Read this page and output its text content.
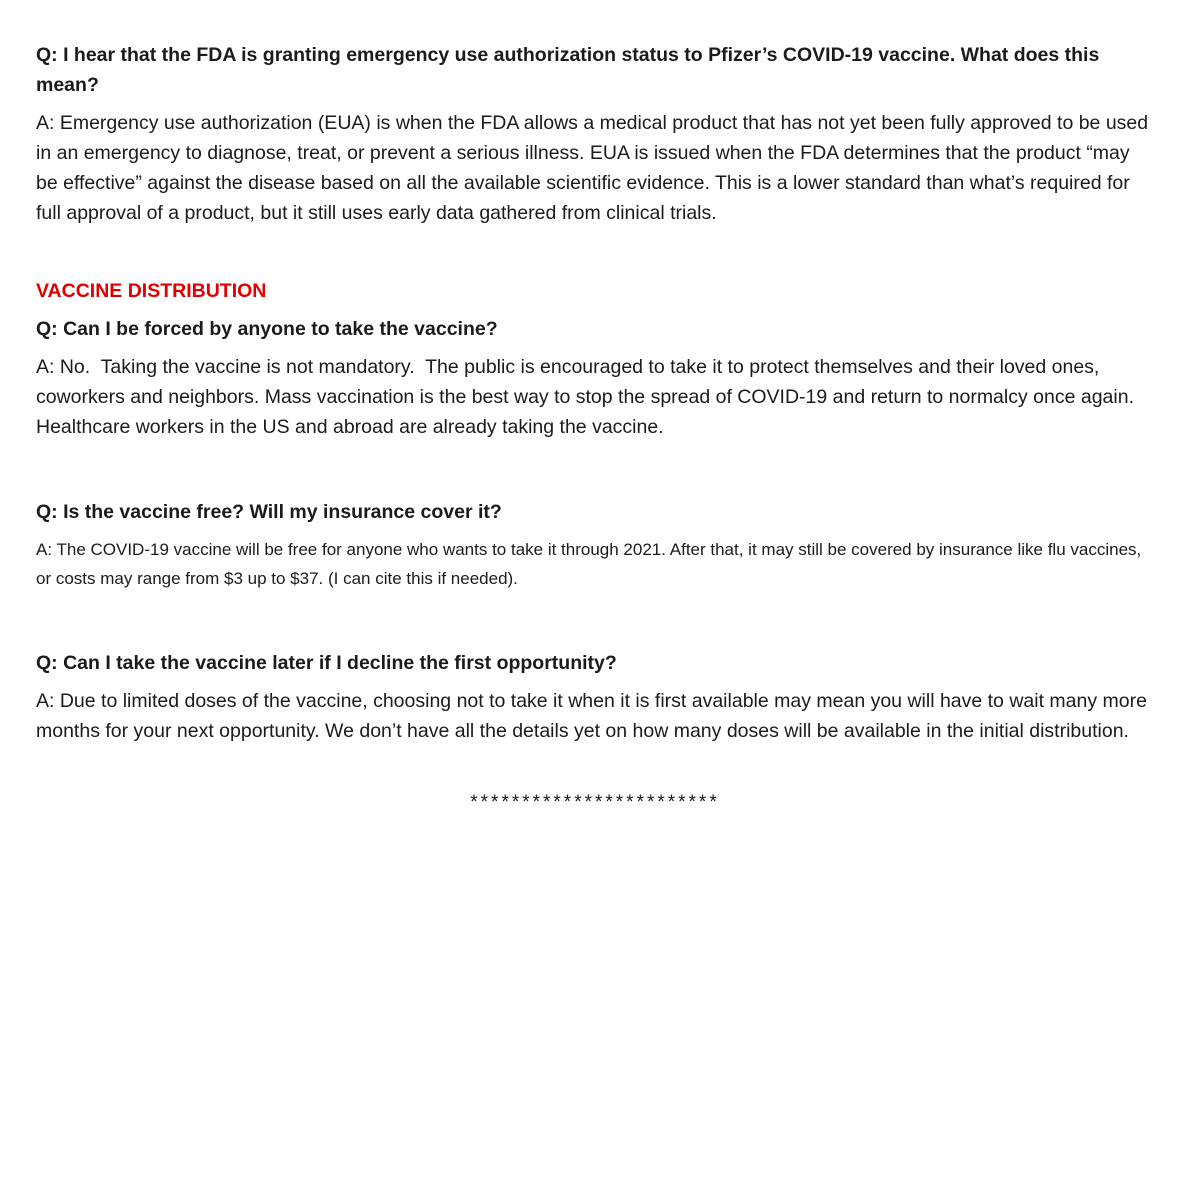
Q: I hear that the FDA is granting emergency use authorization status to Pfizer’s COVID-19 vaccine. What does this mean?

A: Emergency use authorization (EUA) is when the FDA allows a medical product that has not yet been fully approved to be used in an emergency to diagnose, treat, or prevent a serious illness. EUA is issued when the FDA determines that the product “may be effective” against the disease based on all the available scientific evidence. This is a lower standard than what’s required for full approval of a product, but it still uses early data gathered from clinical trials.

VACCINE DISTRIBUTION

Q: Can I be forced by anyone to take the vaccine?

A: No.  Taking the vaccine is not mandatory.  The public is encouraged to take it to protect themselves and their loved ones, coworkers and neighbors. Mass vaccination is the best way to stop the spread of COVID-19 and return to normalcy once again. Healthcare workers in the US and abroad are already taking the vaccine.

Q: Is the vaccine free? Will my insurance cover it?

A: The COVID-19 vaccine will be free for anyone who wants to take it through 2021. After that, it may still be covered by insurance like flu vaccines, or costs may range from $3 up to $37. (I can cite this if needed).

Q: Can I take the vaccine later if I decline the first opportunity?

A: Due to limited doses of the vaccine, choosing not to take it when it is first available may mean you will have to wait many more months for your next opportunity. We don’t have all the details yet on how many doses will be available in the initial distribution.

************************
